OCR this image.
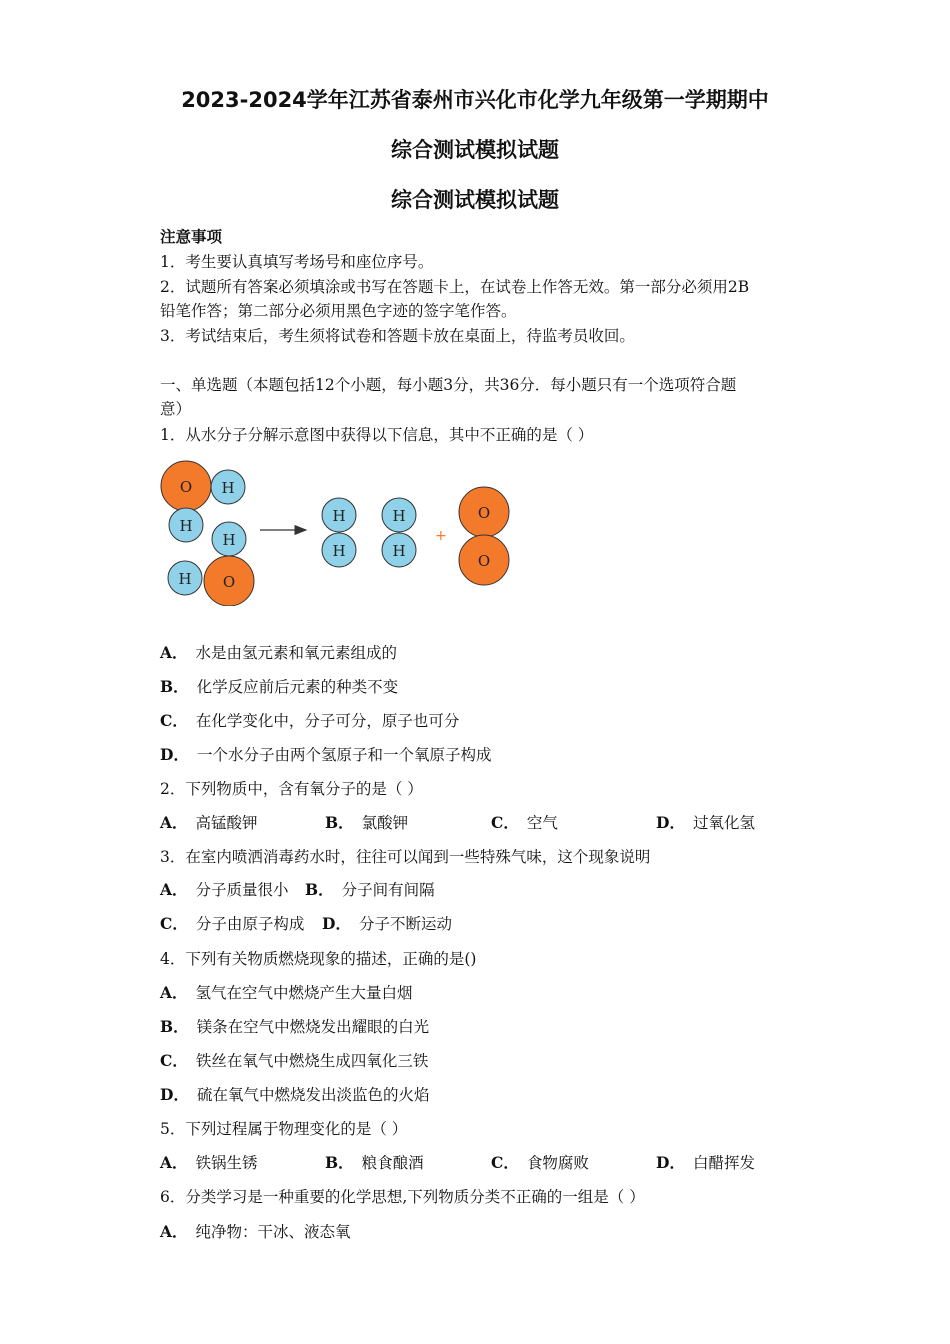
2023-2024学年江苏省泰州市兴化市化学九年级第一学期期中
综合测试模拟试题
综合测试模拟试题

注意事项

1．考生要认真填写考场号和座位序号。

2．试题所有答案必须填涂或书写在答题卡上，在试卷上作答无效。第一部分必须用2B

铅笔作答；第二部分必须用黑色字迹的签字笔作答。

3．考试结束后，考生须将试卷和答题卡放在桌面上，待监考员收回。

一、单选题（本题包括12个小题，每小题3分，共36分．每小题只有一个选项符合题

意）

1．从水分子分解示意图中获得以下信息，其中不正确的是（ ）

O H
H
H
O
H
H
H
H
H
+
O
O
A． 水是由氢元素和氧元素组成的
B． 化学反应前后元素的种类不变
C． 在化学变化中，分子可分，原子也可分
D． 一个水分子由两个氢原子和一个氧原子构成

2．下列物质中，含有氧分子的是（ ）

A． 高锰酸钾	B． 氯酸钾	C． 空气	D． 过氧化氢

3．在室内喷洒消毒药水时，往往可以闻到一些特殊气味，这个现象说明

A． 分子质量很小 B． 分子间有间隔
C． 分子由原子构成 D． 分子不断运动

4．下列有关物质燃烧现象的描述，正确的是()

A． 氢气在空气中燃烧产生大量白烟
B． 镁条在空气中燃烧发出耀眼的白光
C． 铁丝在氧气中燃烧生成四氧化三铁
D． 硫在氧气中燃烧发出淡监色的火焰

5．下列过程属于物理变化的是（ ）

A． 铁锅生锈	B． 粮食酿酒	C． 食物腐败	D． 白醋挥发

6．分类学习是一种重要的化学思想,下列物质分类不正确的一组是（ ）

A． 纯净物：干冰、液态氧
